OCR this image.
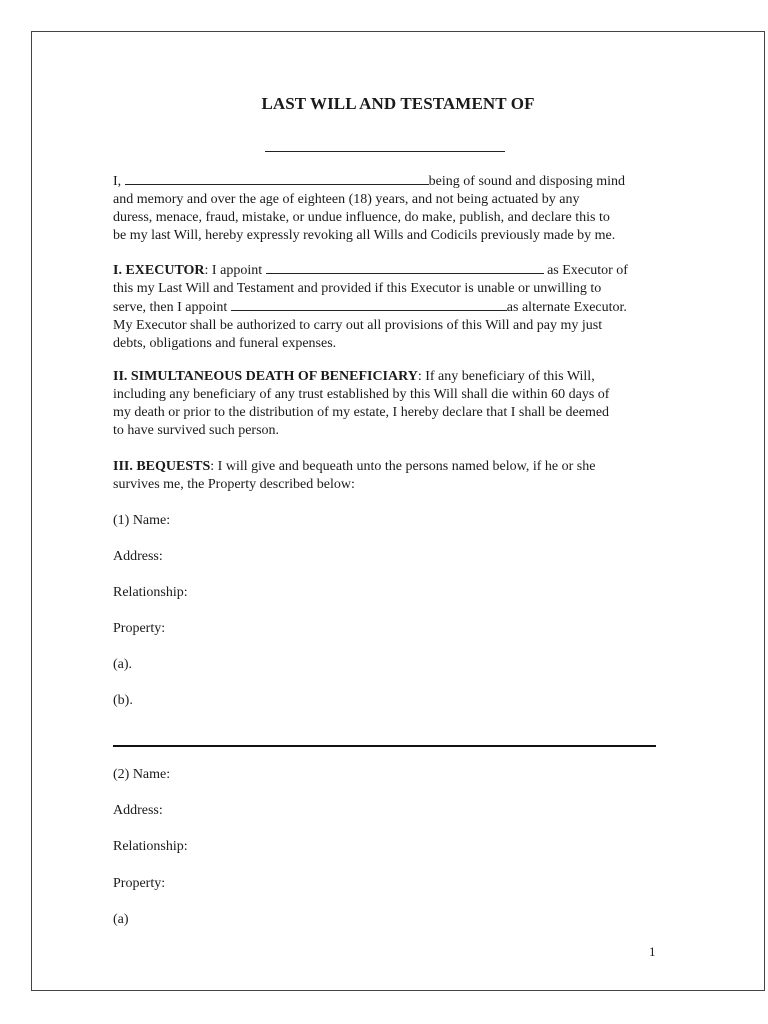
LAST WILL AND TESTAMENT OF
I,	being of sound and disposing mind
and memory and over the age of eighteen (18) years, and not being actuated by any
duress, menace, fraud, mistake, or undue influence, do make, publish, and declare this to
be my last Will, hereby expressly revoking all Wills and Codicils previously made by me.
I. EXECUTOR: I appoint	as Executor of
this my Last Will and Testament and provided if this Executor is unable or unwilling to
serve, then I appoint	as alternate Executor.
My Executor shall be authorized to carry out all provisions of this Will and pay my just
debts, obligations and funeral expenses.
II. SIMULTANEOUS DEATH OF BENEFICIARY: If any beneficiary of this Will,
including any beneficiary of any trust established by this Will shall die within 60 days of
my death or prior to the distribution of my estate, I hereby declare that I shall be deemed
to have survived such person.
III. BEQUESTS: I will give and bequeath unto the persons named below, if he or she
survives me, the Property described below:
(1) Name:
Address:
Relationship:
Property:
(a).
(b).
(2) Name:
Address:
Relationship:
Property:
(a)
1
